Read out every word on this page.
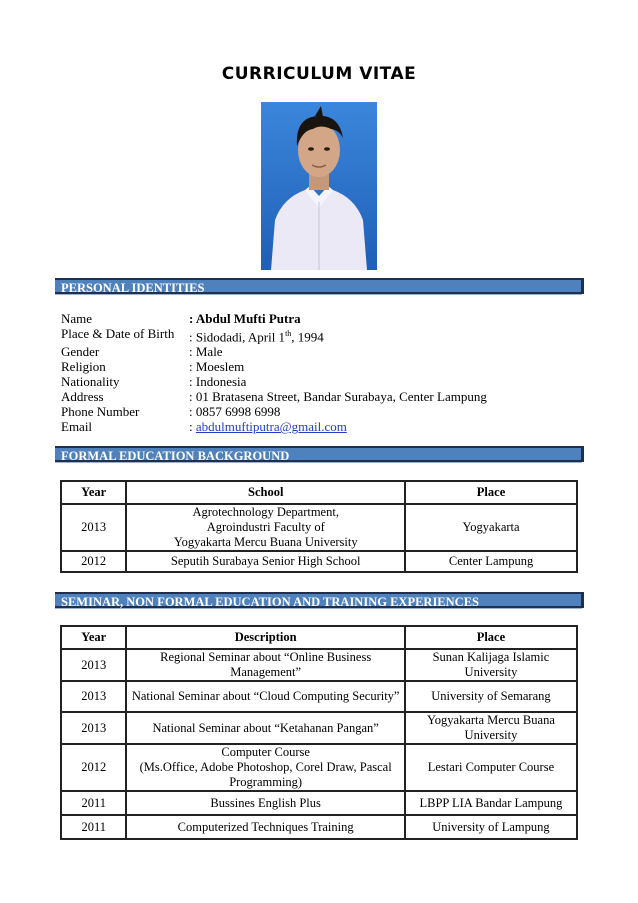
CURRICULUM VITAE
PERSONAL IDENTITIES
Name	: Abdul Mufti Putra
Place & Date of Birth	: Sidodadi, April 1th, 1994
Gender	: Male
Religion	: Moeslem
Nationality	: Indonesia
Address	: 01 Bratasena Street, Bandar Surabaya, Center Lampung
Phone Number	: 0857 6998 6998
Email	: abdulmuftiputra@gmail.com
FORMAL EDUCATION BACKGROUND
Year	School	Place
2013	Agrotechnology Department,
Agroindustri Faculty of
Yogyakarta Mercu Buana University	Yogyakarta
2012	Seputih Surabaya Senior High School	Center Lampung
SEMINAR, NON FORMAL EDUCATION AND TRAINING EXPERIENCES
Year	Description	Place
2013	Regional Seminar about “Online Business Management”	Sunan Kalijaga Islamic University
2013	National Seminar about “Cloud Computing Security”	University of Semarang
2013	National Seminar about “Ketahanan Pangan”	Yogyakarta Mercu Buana University
2012	Computer Course
(Ms.Office, Adobe Photoshop, Corel Draw, Pascal
Programming)	Lestari Computer Course
2011	Bussines English Plus	LBPP LIA Bandar Lampung
2011	Computerized Techniques Training	University of Lampung
